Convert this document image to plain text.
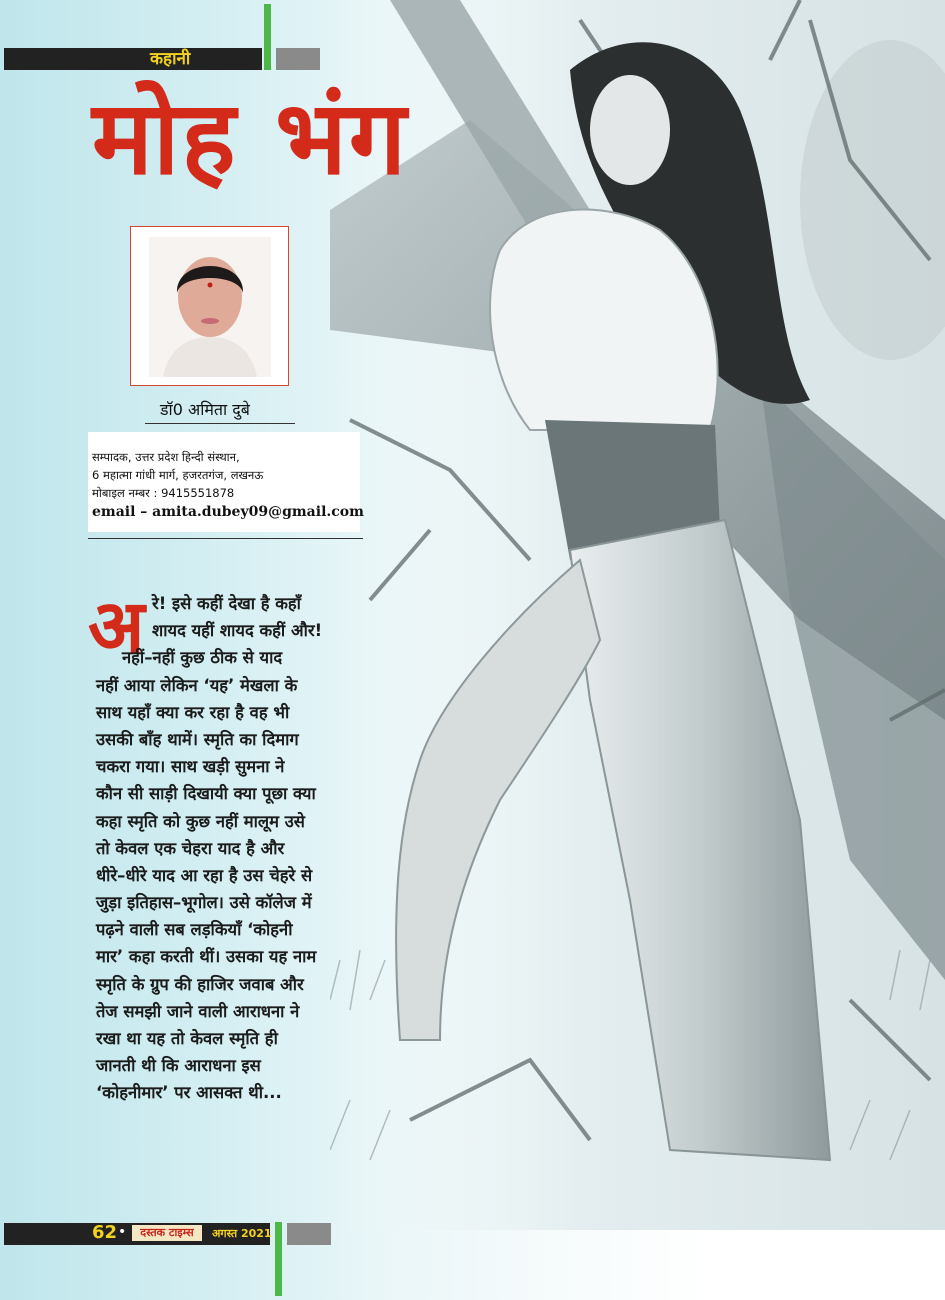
कहानी
मोह भंग
डॉ0 अमिता दुबे
सम्पादक, उत्तर प्रदेश हिन्दी संस्थान,
6 महात्मा गांधी मार्ग, हजरतगंज, लखनऊ
मोबाइल नम्बर : 9415551878
email – amita.dubey09@gmail.com
अ रे! इसे कहीं देखा है कहाँ
शायद यहीं शायद कहीं और!
नहीं–नहीं कुछ ठीक से याद
नहीं आया लेकिन ‘यह’ मेखला के
साथ यहाँ क्या कर रहा है वह भी
उसकी बाँह थामें। स्मृति का दिमाग
चकरा गया। साथ खड़ी सुमना ने
कौन सी साड़ी दिखायी क्या पूछा क्या
कहा स्मृति को कुछ नहीं मालूम उसे
तो केवल एक चेहरा याद है और
धीरे–धीरे याद आ रहा है उस चेहरे से
जुड़ा इतिहास–भूगोल। उसे कॉलेज में
पढ़ने वाली सब लड़कियाँ ‘कोहनी
मार’ कहा करती थीं। उसका यह नाम
स्मृति के ग्रुप की हाजिर जवाब और
तेज समझी जाने वाली आराधना ने
रखा था यह तो केवल स्मृति ही
जानती थी कि आराधना इस
‘कोहनीमार’ पर आसक्त थी...
62 •	दस्तक टाइम्स	अगस्त 2021
